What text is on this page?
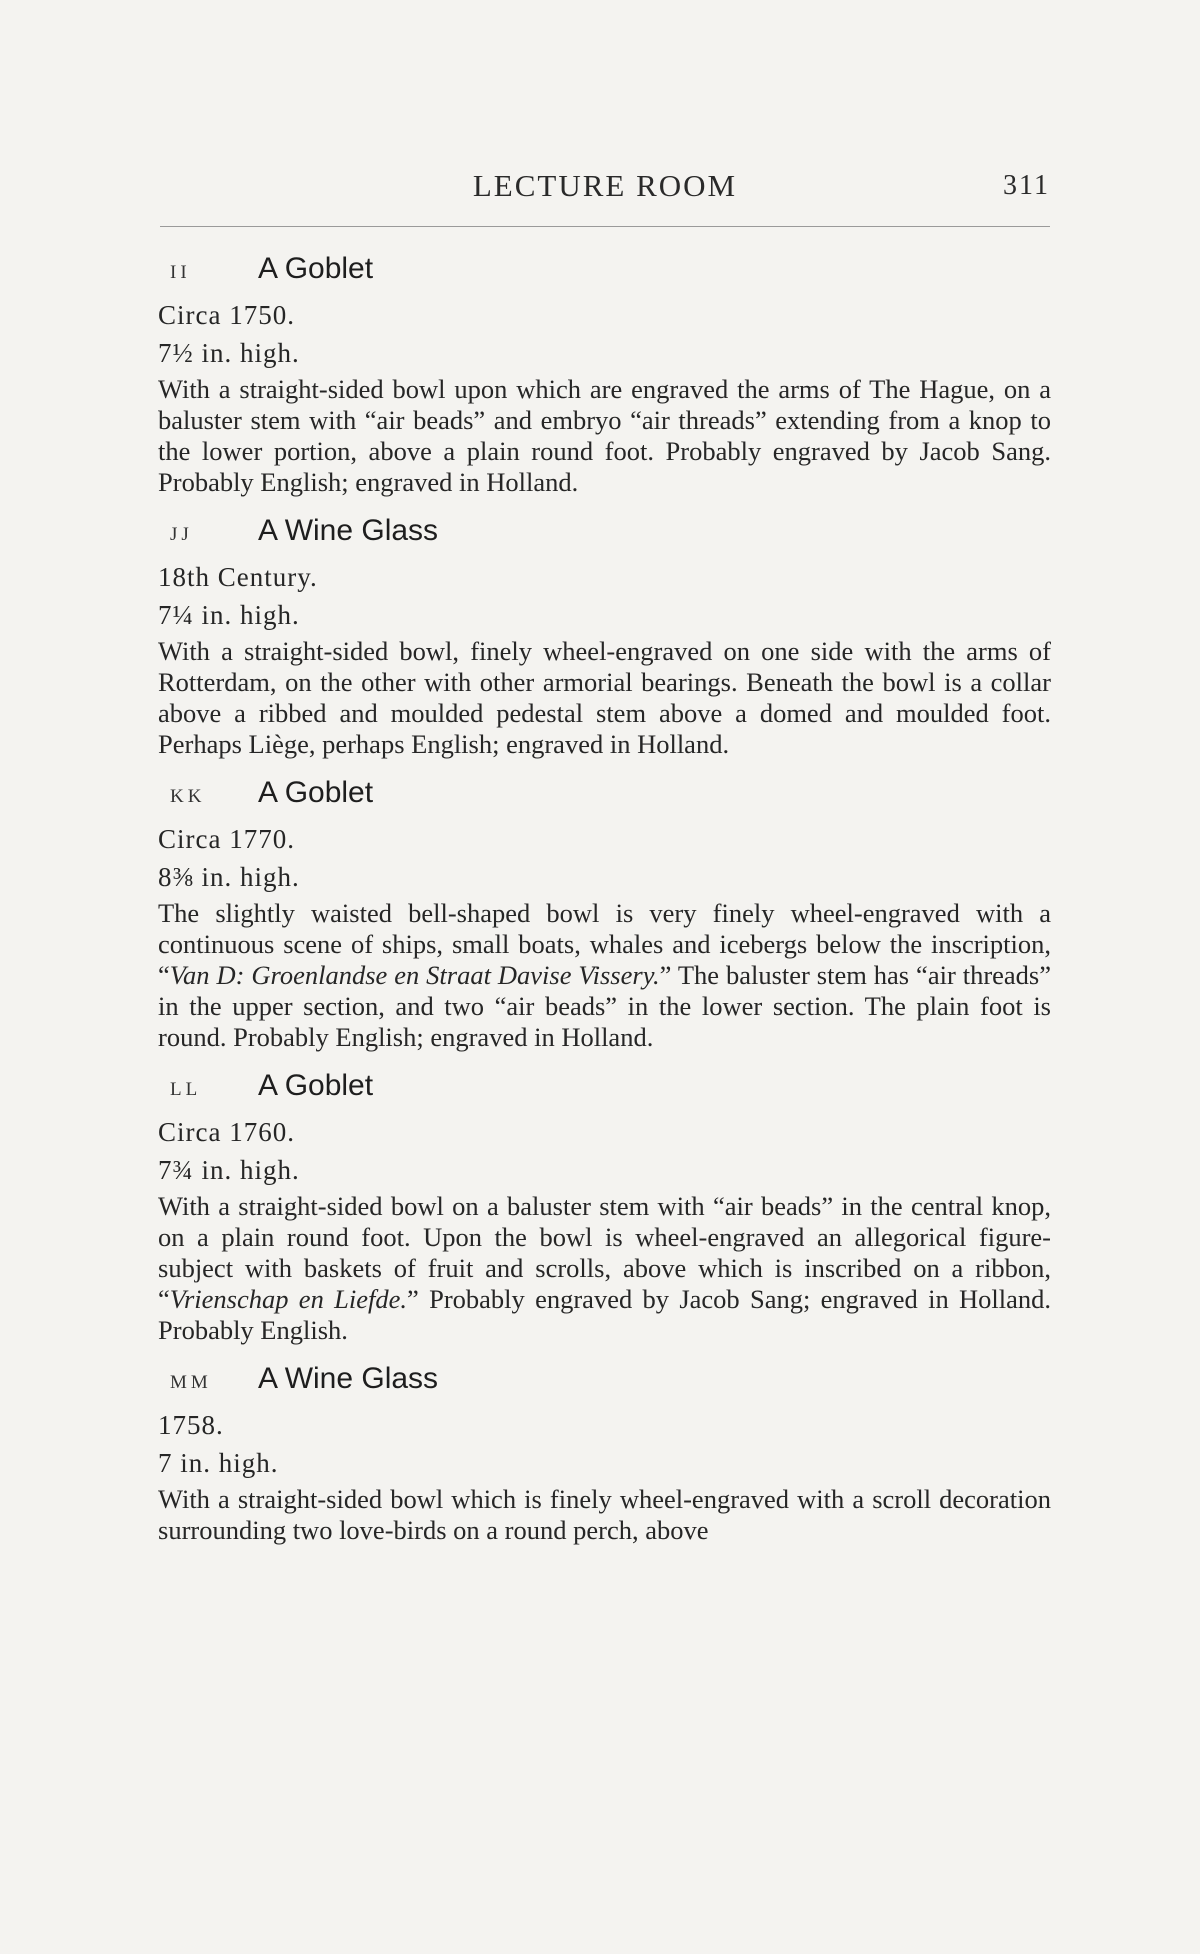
LECTURE ROOM	311
II	A Goblet
Circa 1750.
7½ in. high.
With a straight-sided bowl upon which are engraved the arms of The Hague, on a baluster stem with “air beads” and embryo “air threads” extending from a knop to the lower portion, above a plain round foot. Probably engraved by Jacob Sang. Probably English; engraved in Holland.
JJ	A Wine Glass
18th Century.
7¼ in. high.
With a straight-sided bowl, finely wheel-engraved on one side with the arms of Rotterdam, on the other with other armorial bearings. Beneath the bowl is a collar above a ribbed and moulded pedestal stem above a domed and moulded foot. Perhaps Liège, perhaps English; engraved in Holland.
KK	A Goblet
Circa 1770.
8⅜ in. high.
The slightly waisted bell-shaped bowl is very finely wheel-engraved with a continuous scene of ships, small boats, whales and icebergs below the inscription, “Van D: Groenlandse en Straat Davise Vissery.” The baluster stem has “air threads” in the upper section, and two “air beads” in the lower section. The plain foot is round. Probably English; engraved in Holland.
LL	A Goblet
Circa 1760.
7¾ in. high.
With a straight-sided bowl on a baluster stem with “air beads” in the central knop, on a plain round foot. Upon the bowl is wheel-engraved an allegorical figure-subject with baskets of fruit and scrolls, above which is inscribed on a ribbon, “Vrienschap en Liefde.” Probably engraved by Jacob Sang; engraved in Holland. Probably English.
MM	A Wine Glass
1758.
7 in. high.
With a straight-sided bowl which is finely wheel-engraved with a scroll decoration surrounding two love-birds on a round perch, above
